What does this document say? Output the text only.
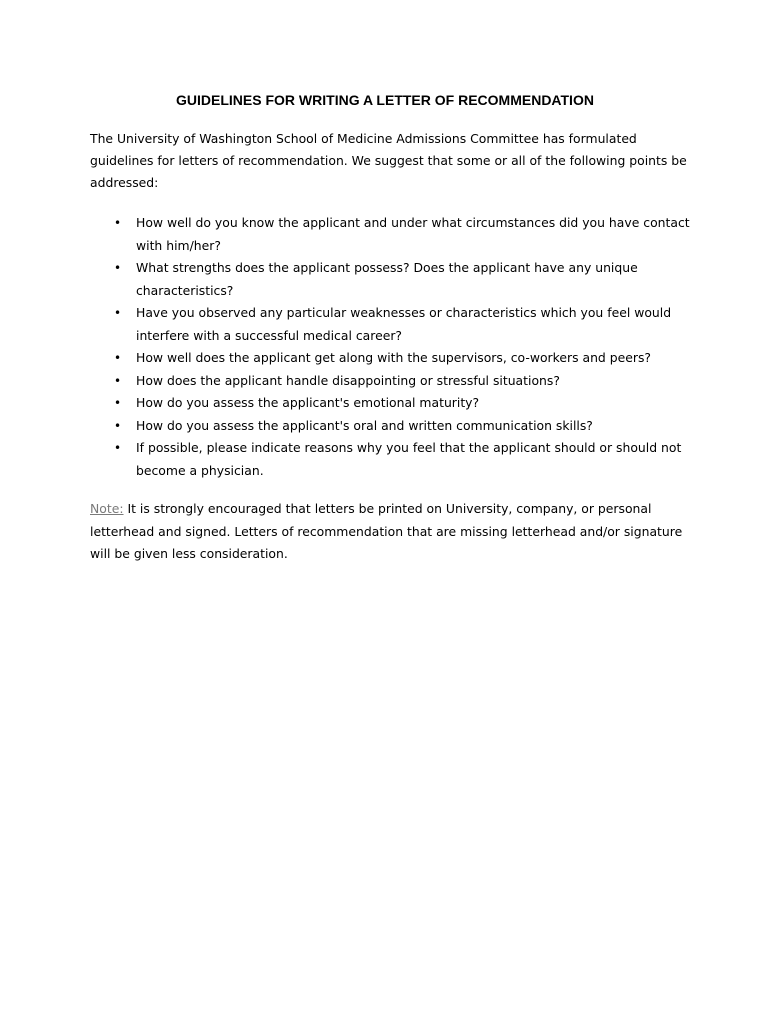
GUIDELINES FOR WRITING A LETTER OF RECOMMENDATION

The University of Washington School of Medicine Admissions Committee has formulated guidelines for letters of recommendation. We suggest that some or all of the following points be addressed:

• How well do you know the applicant and under what circumstances did you have contact with him/her?
• What strengths does the applicant possess? Does the applicant have any unique characteristics?
• Have you observed any particular weaknesses or characteristics which you feel would interfere with a successful medical career?
• How well does the applicant get along with the supervisors, co-workers and peers?
• How does the applicant handle disappointing or stressful situations?
• How do you assess the applicant's emotional maturity?
• How do you assess the applicant's oral and written communication skills?
• If possible, please indicate reasons why you feel that the applicant should or should not become a physician.

Note: It is strongly encouraged that letters be printed on University, company, or personal letterhead and signed. Letters of recommendation that are missing letterhead and/or signature will be given less consideration.
